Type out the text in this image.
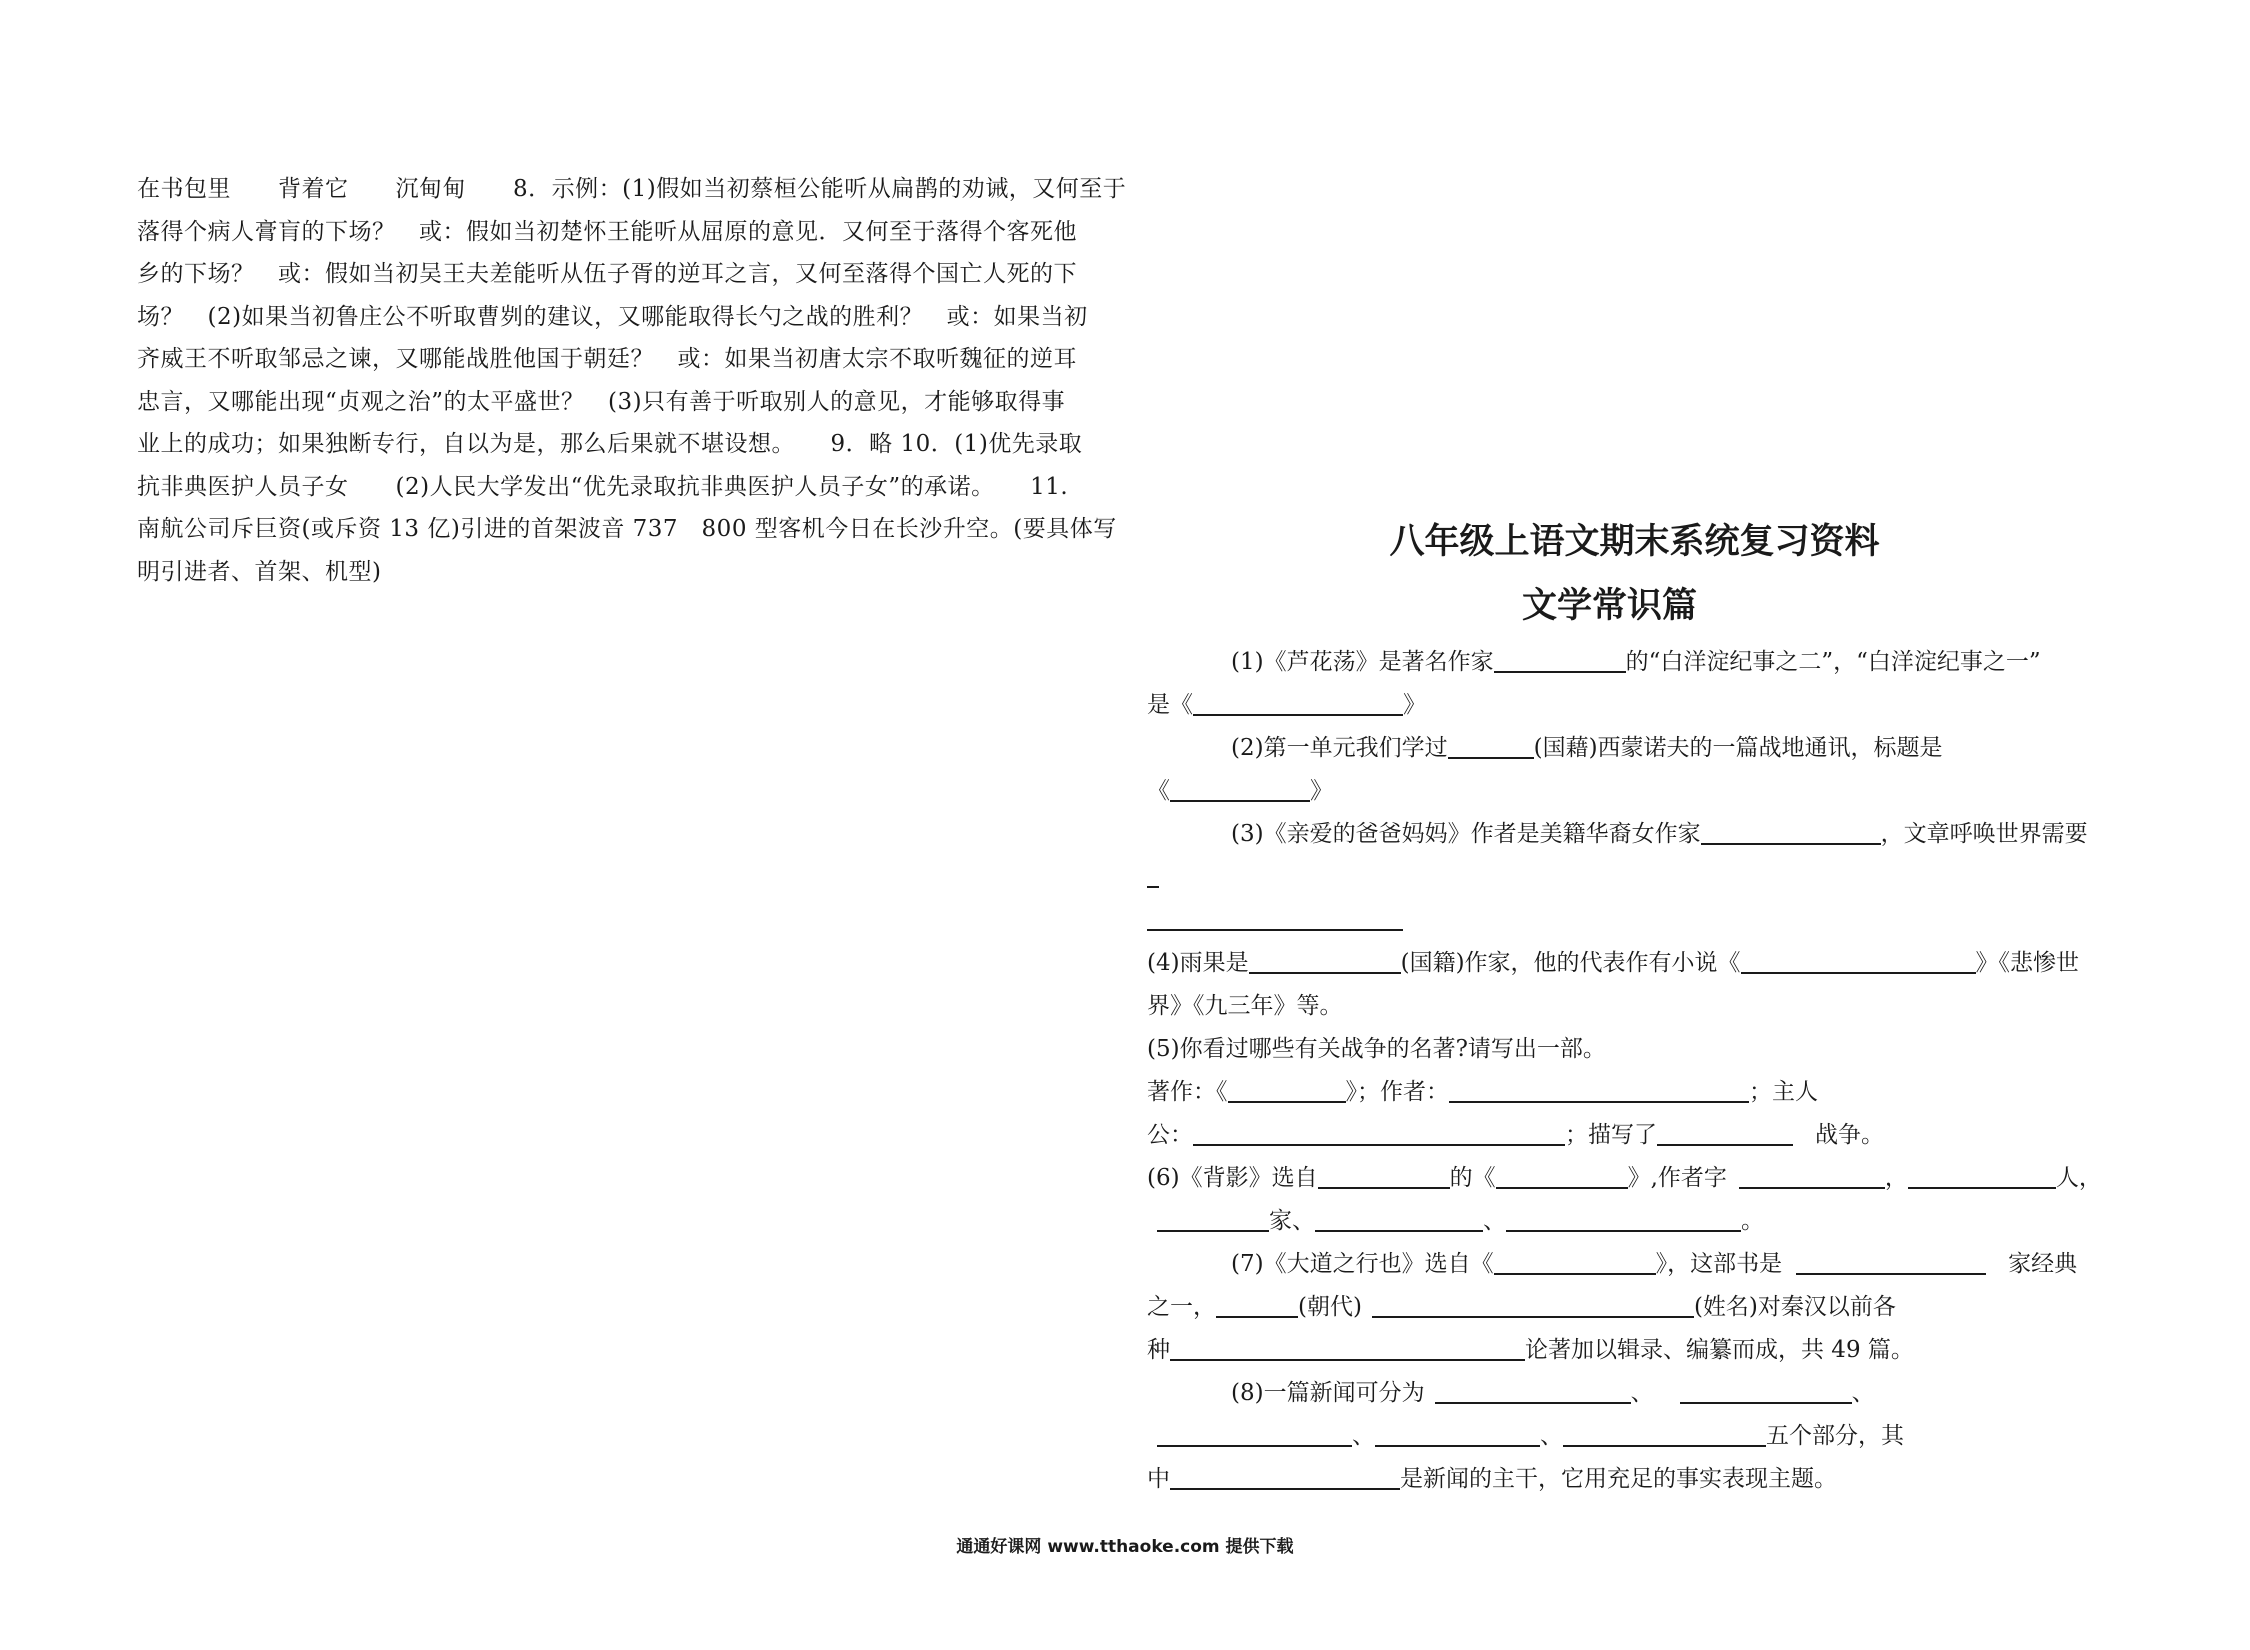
在书包里　　背着它　　沉甸甸　　8．示例：(1)假如当初蔡桓公能听从扁鹊的劝诫，又何至于
落得个病人膏肓的下场？　或：假如当初楚怀王能听从屈原的意见．又何至于落得个客死他
乡的下场？　或：假如当初吴王夫差能听从伍子胥的逆耳之言，又何至落得个国亡人死的下
场？　(2)如果当初鲁庄公不听取曹刿的建议，又哪能取得长勺之战的胜利？　或：如果当初
齐威王不听取邹忌之谏，又哪能战胜他国于朝廷？　或：如果当初唐太宗不取听魏征的逆耳
忠言，又哪能出现“贞观之治”的太平盛世？　(3)只有善于听取别人的意见，才能够取得事
业上的成功；如果独断专行，自以为是，那么后果就不堪设想。　　9．略 10．(1)优先录取
抗非典医护人员子女　　(2)人民大学发出“优先录取抗非典医护人员子女”的承诺。　　11.
南航公司斥巨资(或斥资 13 亿)引进的首架波音 737　800 型客机今日在长沙升空。(要具体写
明引进者、首架、机型)
八年级上语文期末系统复习资料
文学常识篇
(1)《芦花荡》是著名作家	的“白洋淀纪事之二”，“白洋淀纪事之一”
是《	》
(2)第一单元我们学过	(国藉)西蒙诺夫的一篇战地通讯，标题是
《	》
(3)《亲爱的爸爸妈妈》作者是美籍华裔女作家	，文章呼唤世界需要
(4)雨果是	(国籍)作家，他的代表作有小说《	》《悲惨世
界》《九三年》等。
(5)你看过哪些有关战争的名著?请写出一部。
著作：《	》；作者：	；主人
公：	；描写了	战争。
(6)《背影》选自	的《	》,作者字	，	人，
家、	、	。
(7)《大道之行也》选自《	》，这部书是	家经典
之一，	(朝代)	(姓名)对秦汉以前各
种	论著加以辑录、编纂而成，共 49 篇。
(8)一篇新闻可分为	、	、
、	、	五个部分，其
中	是新闻的主干，它用充足的事实表现主题。
通通好课网 www.tthaoke.com 提供下载
